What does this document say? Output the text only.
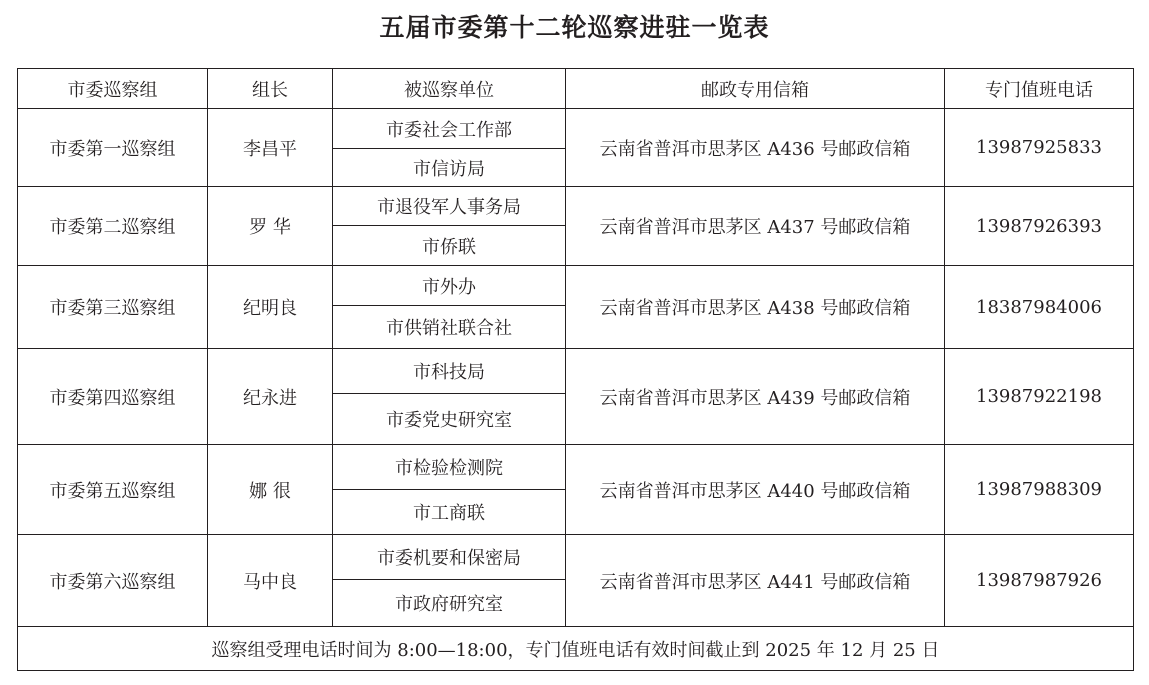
五届市委第十二轮巡察进驻一览表
市委巡察组	组长	被巡察单位	邮政专用信箱	专门值班电话
市委第一巡察组	李昌平	市委社会工作部	云南省普洱市思茅区 A436 号邮政信箱	13987925833
		市信访局		
市委第二巡察组	罗 华	市退役军人事务局	云南省普洱市思茅区 A437 号邮政信箱	13987926393
		市侨联		
市委第三巡察组	纪明良	市外办	云南省普洱市思茅区 A438 号邮政信箱	18387984006
		市供销社联合社		
市委第四巡察组	纪永进	市科技局	云南省普洱市思茅区 A439 号邮政信箱	13987922198
		市委党史研究室		
市委第五巡察组	娜 很	市检验检测院	云南省普洱市思茅区 A440 号邮政信箱	13987988309
		市工商联		
市委第六巡察组	马中良	市委机要和保密局	云南省普洱市思茅区 A441 号邮政信箱	13987987926
		市政府研究室		
巡察组受理电话时间为 8:00—18:00，专门值班电话有效时间截止到 2025 年 12 月 25 日				
